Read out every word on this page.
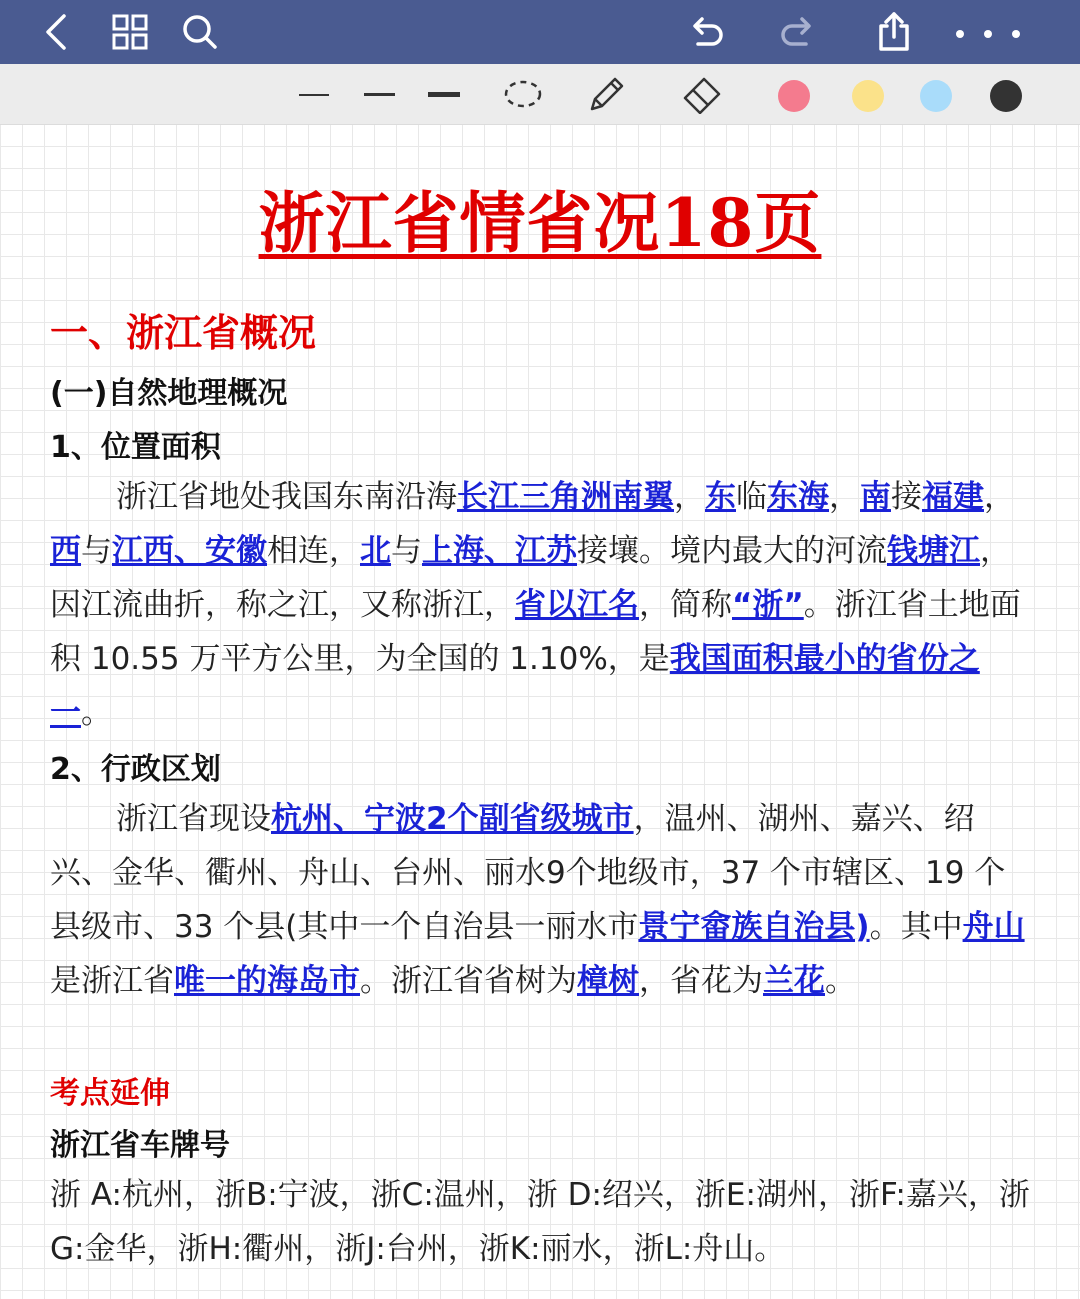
浙江省情省况18页
一、浙江省概况
(一)自然地理概况
1、位置面积
浙江省地处我国东南沿海长江三角洲南翼，东临东海，南接福建，西与江西、安徽相连，北与上海、江苏接壤。境内最大的河流钱塘江，因江流曲折，称之江，又称浙江，省以江名，简称“浙”。浙江省土地面积 10.55 万平方公里，为全国的 1.10%，是我国面积最小的省份之一。
2、行政区划
浙江省现设杭州、宁波2个副省级城市，温州、湖州、嘉兴、绍兴、金华、衢州、舟山、台州、丽水9个地级市，37 个市辖区、19 个县级市、33 个县(其中一个自治县一丽水市景宁畲族自治县)。其中舟山是浙江省唯一的海岛市。浙江省省树为樟树，省花为兰花。
考点延伸
浙江省车牌号
浙 A:杭州，浙B:宁波，浙C:温州，浙 D:绍兴，浙E:湖州，浙F:嘉兴，浙G:金华，浙H:衢州，浙J:台州，浙K:丽水，浙L:舟山。
